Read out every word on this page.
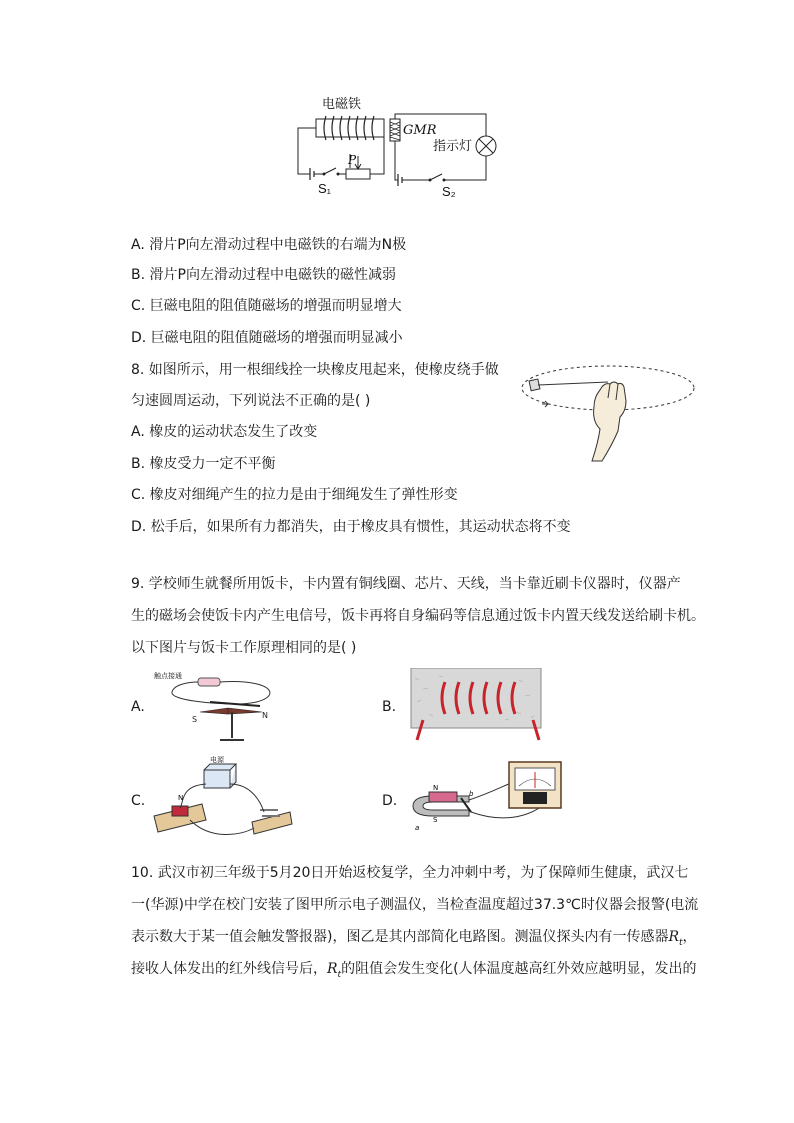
电磁铁
GMR
S₁
P
指示灯
S₂
A. 滑片P向左滑动过程中电磁铁的右端为N极
B. 滑片P向左滑动过程中电磁铁的磁性减弱
C. 巨磁电阻的阻值随磁场的增强而明显增大
D. 巨磁电阻的阻值随磁场的增强而明显减小
8. 如图所示，用一根细线拴一块橡皮甩起来，使橡皮绕手做
匀速圆周运动，下列说法不正确的是( )
A. 橡皮的运动状态发生了改变
B. 橡皮受力一定不平衡
C. 橡皮对细绳产生的拉力是由于细绳发生了弹性形变
D. 松手后，如果所有力都消失，由于橡皮具有惯性，其运动状态将不变
9. 学校师生就餐所用饭卡，卡内置有铜线圈、芯片、天线，当卡靠近刷卡仪器时，仪器产
生的磁场会使饭卡内产生电信号，饭卡再将自身编码等信息通过饭卡内置天线发送给刷卡机。
以下图片与饭卡工作原理相同的是( )
A.	B.
C.	D.
触点接通
S	N
电源
N
N
S
b
a
10. 武汉市初三年级于5月20日开始返校复学，全力冲刺中考，为了保障师生健康，武汉七
一(华源)中学在校门安装了图甲所示电子测温仪，当检查温度超过37.3℃时仪器会报警(电流
表示数大于某一值会触发警报器)，图乙是其内部简化电路图。测温仪探头内有一传感器$R_t$，
接收人体发出的红外线信号后，$R_t$的阻值会发生变化(人体温度越高红外效应越明显，发出的
